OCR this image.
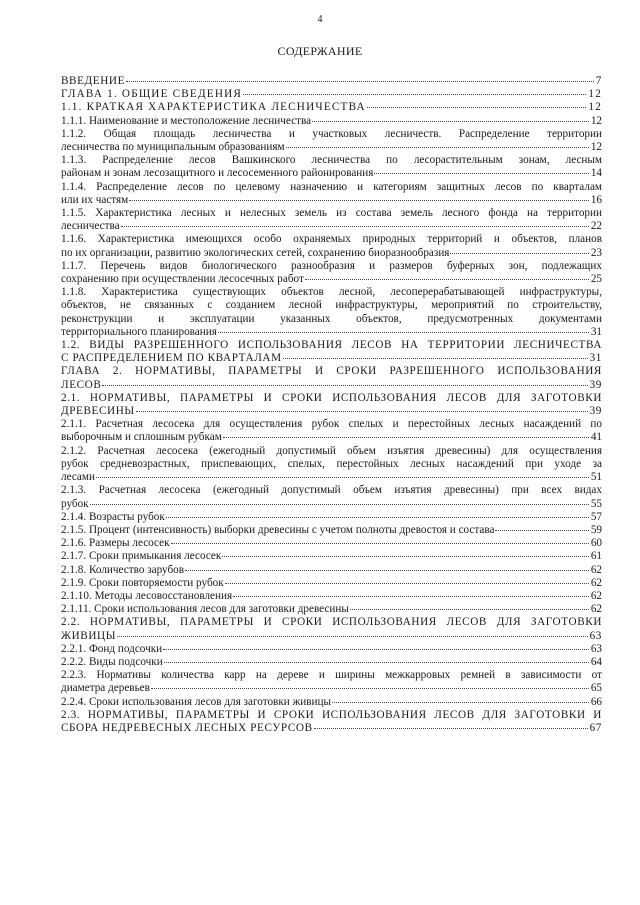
4
СОДЕРЖАНИЕ
ВВЕДЕНИЕ	7
ГЛАВА 1. ОБЩИЕ СВЕДЕНИЯ	12
1.1. КРАТКАЯ ХАРАКТЕРИСТИКА ЛЕСНИЧЕСТВА	12
1.1.1. Наименование и местоположение лесничества	12
1.1.2. Общая площадь лесничества и участковых лесничеств. Распределение территории
лесничества по муниципальным образованиям	12
1.1.3. Распределение лесов Вашкинского лесничества по лесорастительным зонам, лесным
районам и зонам лесозащитного и лесосеменного районирования	14
1.1.4. Распределение лесов по целевому назначению и категориям защитных лесов по кварталам
или их частям	16
1.1.5. Характеристика лесных и нелесных земель из состава земель лесного фонда на территории
лесничества	22
1.1.6. Характеристика имеющихся особо охраняемых природных территорий и объектов, планов
по их организации, развитию экологических сетей, сохранению биоразнообразия	23
1.1.7. Перечень видов биологического разнообразия и размеров буферных зон, подлежащих
сохранению при осуществлении лесосечных работ	25
1.1.8. Характеристика существующих объектов лесной, лесоперерабатывающей инфраструктуры,
объектов, не связанных с созданием лесной инфраструктуры, мероприятий по строительству,
реконструкции и эксплуатации указанных объектов, предусмотренных документами
территориального планирования	31
1.2. ВИДЫ РАЗРЕШЕННОГО ИСПОЛЬЗОВАНИЯ ЛЕСОВ НА ТЕРРИТОРИИ ЛЕСНИЧЕСТВА
С РАСПРЕДЕЛЕНИЕМ ПО КВАРТАЛАМ	31
ГЛАВА 2. НОРМАТИВЫ, ПАРАМЕТРЫ И СРОКИ РАЗРЕШЕННОГО ИСПОЛЬЗОВАНИЯ
ЛЕСОВ	39
2.1. НОРМАТИВЫ, ПАРАМЕТРЫ И СРОКИ ИСПОЛЬЗОВАНИЯ ЛЕСОВ ДЛЯ ЗАГОТОВКИ
ДРЕВЕСИНЫ	39
2.1.1. Расчетная лесосека для осуществления рубок спелых и перестойных лесных насаждений по
выборочным и сплошным рубкам	41
2.1.2. Расчетная лесосека (ежегодный допустимый объем изъятия древесины) для осуществления
рубок средневозрастных, приспевающих, спелых, перестойных лесных насаждений при уходе за
лесами	51
2.1.3. Расчетная лесосека (ежегодный допустимый объем изъятия древесины) при всех видах
рубок	55
2.1.4. Возрасты рубок	57
2.1.5. Процент (интенсивность) выборки древесины с учетом полноты древостоя и состава	59
2.1.6. Размеры лесосек	60
2.1.7. Сроки примыкания лесосек	61
2.1.8. Количество зарубов	62
2.1.9. Сроки повторяемости рубок	62
2.1.10. Методы лесовосстановления	62
2.1.11. Сроки использования лесов для заготовки древесины	62
2.2. НОРМАТИВЫ, ПАРАМЕТРЫ И СРОКИ ИСПОЛЬЗОВАНИЯ ЛЕСОВ ДЛЯ ЗАГОТОВКИ
ЖИВИЦЫ	63
2.2.1. Фонд подсочки	63
2.2.2. Виды подсочки	64
2.2.3. Нормативы количества карр на дереве и ширины межкарровых ремней в зависимости от
диаметра деревьев	65
2.2.4. Сроки использования лесов для заготовки живицы	66
2.3. НОРМАТИВЫ, ПАРАМЕТРЫ И СРОКИ ИСПОЛЬЗОВАНИЯ ЛЕСОВ ДЛЯ ЗАГОТОВКИ И
СБОРА НЕДРЕВЕСНЫХ ЛЕСНЫХ РЕСУРСОВ	67
